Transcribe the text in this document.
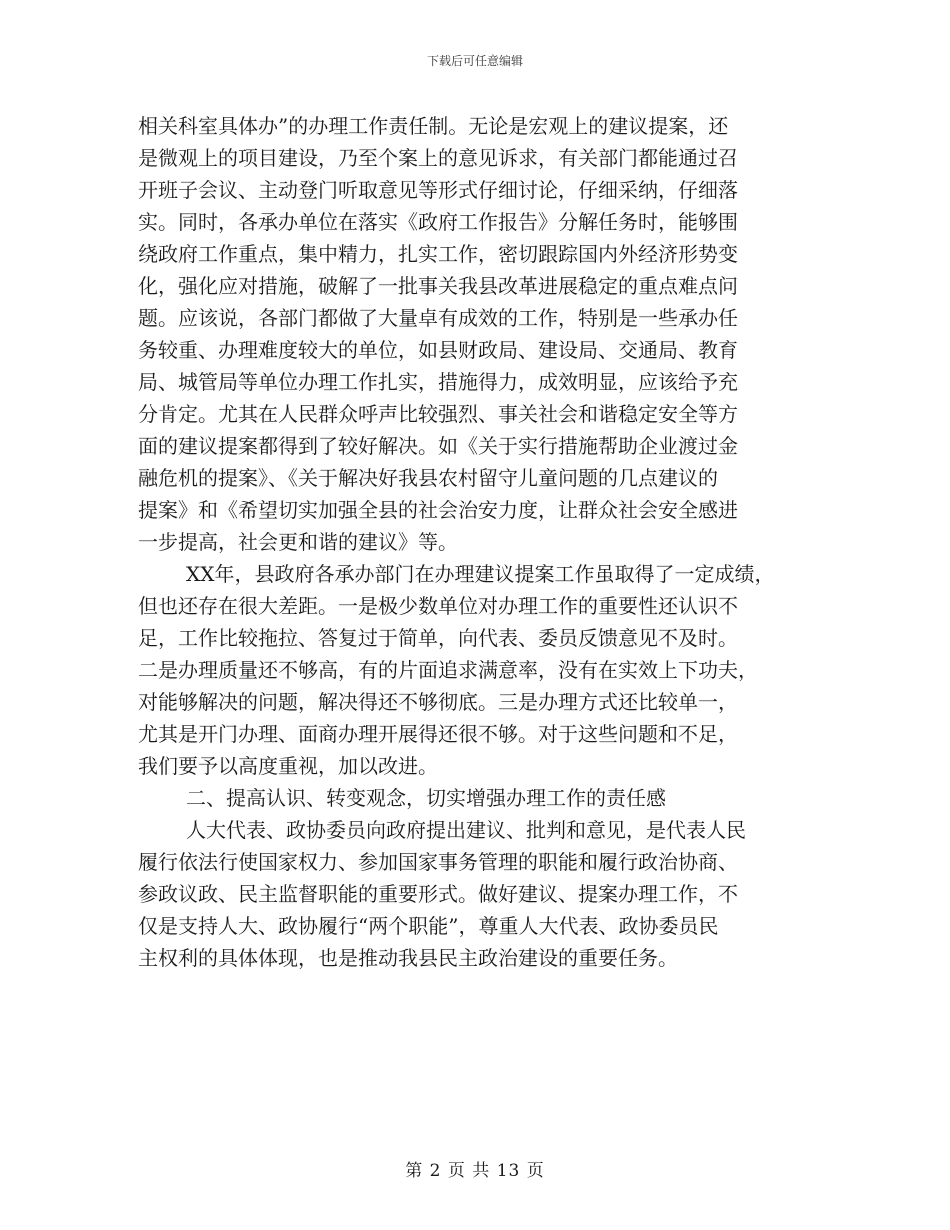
下载后可任意编辑

相关科室具体办”的办理工作责任制。无论是宏观上的建议提案，还

是微观上的项目建设，乃至个案上的意见诉求，有关部门都能通过召

开班子会议、主动登门听取意见等形式仔细讨论，仔细采纳，仔细落

实。同时，各承办单位在落实《政府工作报告》分解任务时，能够围

绕政府工作重点，集中精力，扎实工作，密切跟踪国内外经济形势变

化，强化应对措施，破解了一批事关我县改革进展稳定的重点难点问

题。应该说，各部门都做了大量卓有成效的工作，特别是一些承办任

务较重、办理难度较大的单位，如县财政局、建设局、交通局、教育

局、城管局等单位办理工作扎实，措施得力，成效明显，应该给予充

分肯定。尤其在人民群众呼声比较强烈、事关社会和谐稳定安全等方

面的建议提案都得到了较好解决。如《关于实行措施帮助企业渡过金

融危机的提案》、《关于解决好我县农村留守儿童问题的几点建议的

提案》和《希望切实加强全县的社会治安力度，让群众社会安全感进

一步提高，社会更和谐的建议》等。

XX年，县政府各承办部门在办理建议提案工作虽取得了一定成绩，

但也还存在很大差距。一是极少数单位对办理工作的重要性还认识不

足，工作比较拖拉、答复过于简单，向代表、委员反馈意见不及时。

二是办理质量还不够高，有的片面追求满意率，没有在实效上下功夫，

对能够解决的问题，解决得还不够彻底。三是办理方式还比较单一，

尤其是开门办理、面商办理开展得还很不够。对于这些问题和不足，

我们要予以高度重视，加以改进。

二、提高认识、转变观念，切实增强办理工作的责任感

人大代表、政协委员向政府提出建议、批判和意见，是代表人民

履行依法行使国家权力、参加国家事务管理的职能和履行政治协商、

参政议政、民主监督职能的重要形式。做好建议、提案办理工作，不

仅是支持人大、政协履行“两个职能”，尊重人大代表、政协委员民

主权利的具体体现，也是推动我县民主政治建设的重要任务。

第 2 页 共 13 页
